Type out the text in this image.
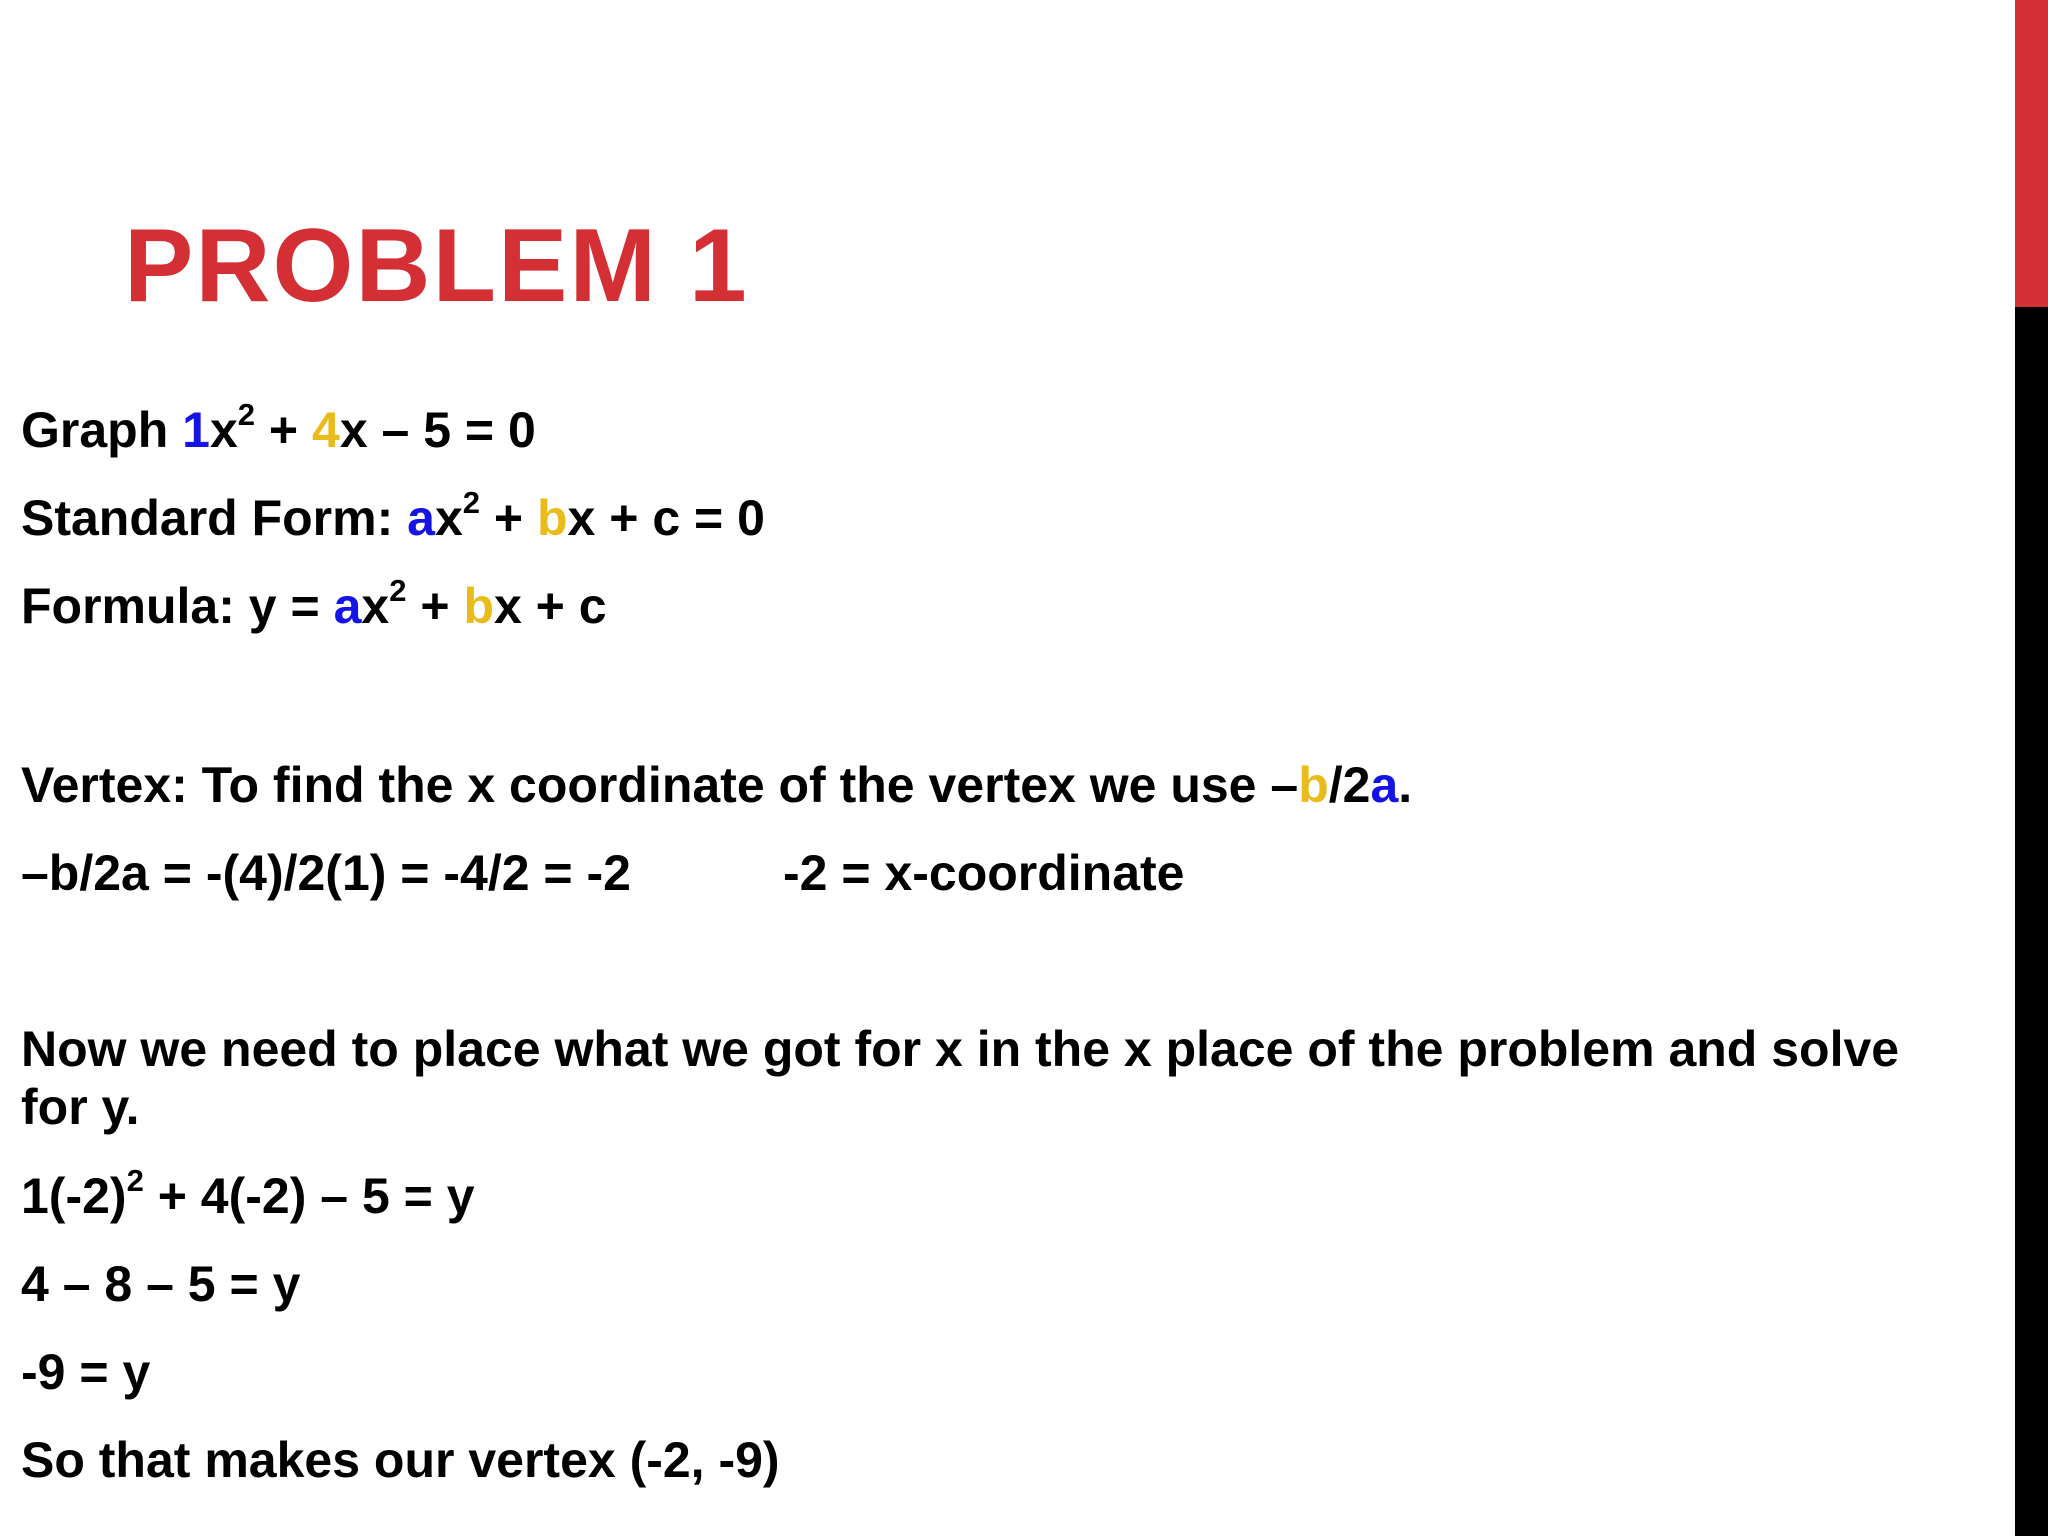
PROBLEM 1

Graph $1x^2 + 4x - 5 = 0$

Standard Form: $ax^2$ + bx + c = 0

Formula: $y = ax^2$ + bx + c

Vertex: To find the x coordinate of the vertex we use –b/2a.

–b/2a = -(4)/2(1) = -4/2 = -2	-2 = x-coordinate

Now we need to place what we got for x in the x place of the problem and solve for y.

$1(-2)^2 + 4(-2) - 5 = y$

4 – 8 – 5 = y

-9 = y

So that makes our vertex (-2, -9)
